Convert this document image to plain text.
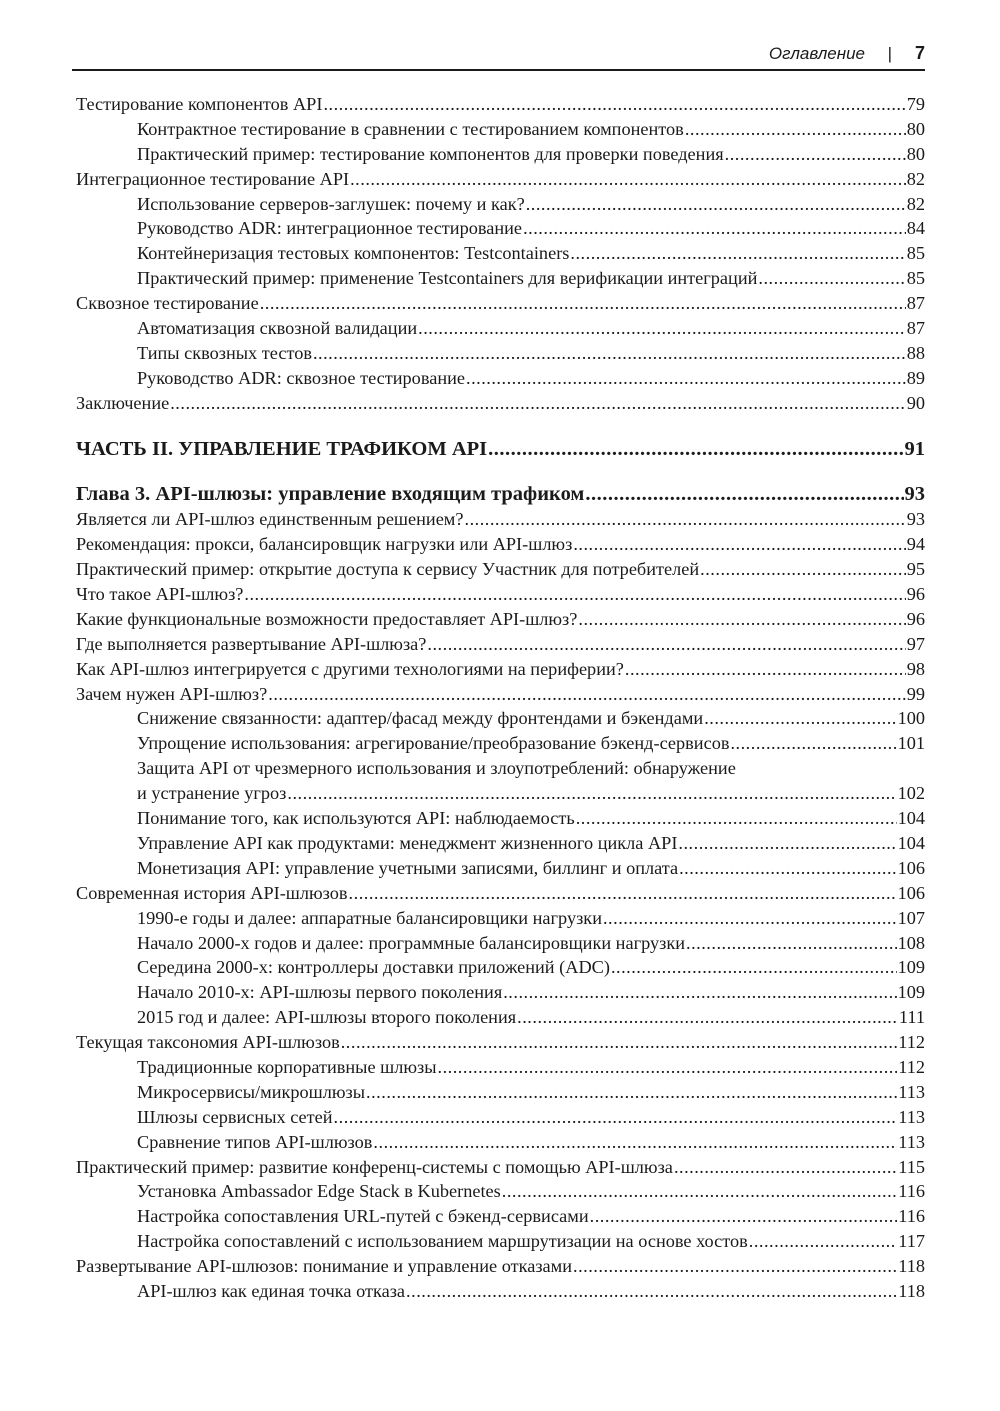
Оглавление | 7
Тестирование компонентов API .....	79
Контрактное тестирование в сравнении с тестированием компонентов .....	80
Практический пример: тестирование компонентов для проверки поведения .....	80
Интеграционное тестирование API .....	82
Использование серверов-заглушек: почему и как? .....	82
Руководство ADR: интеграционное тестирование .....	84
Контейнеризация тестовых компонентов: Testcontainers .....	85
Практический пример: применение Testcontainers для верификации интеграций .....	85
Сквозное тестирование .....	87
Автоматизация сквозной валидации .....	87
Типы сквозных тестов .....	88
Руководство ADR: сквозное тестирование .....	89
Заключение .....	90
ЧАСТЬ II. УПРАВЛЕНИЕ ТРАФИКОМ API .....	91
Глава 3. API-шлюзы: управление входящим трафиком .....	93
Является ли API-шлюз единственным решением? .....	93
Рекомендация: прокси, балансировщик нагрузки или API-шлюз .....	94
Практический пример: открытие доступа к сервису Участник для потребителей .....	95
Что такое API-шлюз? .....	96
Какие функциональные возможности предоставляет API-шлюз? .....	96
Где выполняется развертывание API-шлюза? .....	97
Как API-шлюз интегрируется с другими технологиями на периферии? .....	98
Зачем нужен API-шлюз? .....	99
Снижение связанности: адаптер/фасад между фронтендами и бэкендами .....	100
Упрощение использования: агрегирование/преобразование бэкенд-сервисов .....	101
Защита API от чрезмерного использования и злоупотреблений: обнаружение
и устранение угроз .....	102
Понимание того, как используются API: наблюдаемость .....	104
Управление API как продуктами: менеджмент жизненного цикла API .....	104
Монетизация API: управление учетными записями, биллинг и оплата .....	106
Современная история API-шлюзов .....	106
1990-е годы и далее: аппаратные балансировщики нагрузки .....	107
Начало 2000-х годов и далее: программные балансировщики нагрузки .....	108
Середина 2000-х: контроллеры доставки приложений (ADC) .....	109
Начало 2010-х: API-шлюзы первого поколения .....	109
2015 год и далее: API-шлюзы второго поколения .....	111
Текущая таксономия API-шлюзов .....	112
Традиционные корпоративные шлюзы .....	112
Микросервисы/микрошлюзы .....	113
Шлюзы сервисных сетей .....	113
Сравнение типов API-шлюзов .....	113
Практический пример: развитие конференц-системы с помощью API-шлюза .....	115
Установка Ambassador Edge Stack в Kubernetes .....	116
Настройка сопоставления URL-путей с бэкенд-сервисами .....	116
Настройка сопоставлений с использованием маршрутизации на основе хостов .....	117
Развертывание API-шлюзов: понимание и управление отказами .....	118
API-шлюз как единая точка отказа .....	118
